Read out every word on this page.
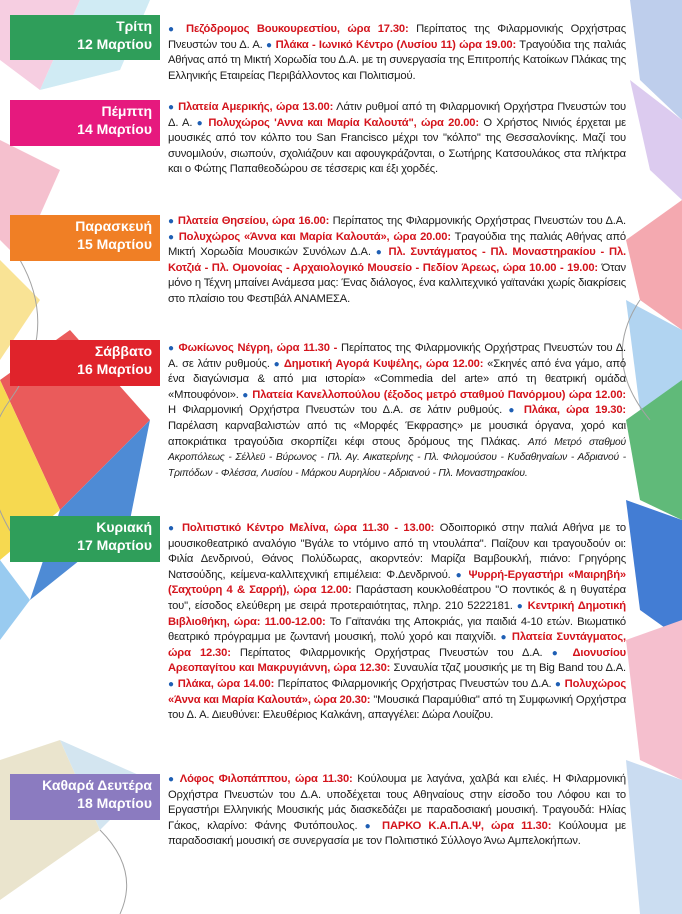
Τρίτη
12 Μαρτίου
● Πεζόδρομος Βουκουρεστίου, ώρα 17.30: Περίπατος της Φιλαρμονικής Ορχήστρας Πνευστών του Δ. Α. ● Πλάκα - Ιωνικό Κέντρο (Λυσίου 11) ώρα 19.00: Τραγούδια της παλιάς Αθήνας από τη Μικτή Χορωδία του Δ.Α. με τη συνεργασία της Επιτροπής Κατοίκων Πλάκας της Ελληνικής Εταιρείας Περιβάλλοντος και Πολιτισμού.
Πέμπτη
14 Μαρτίου
● Πλατεία Αμερικής, ώρα 13.00: Λάτιν ρυθμοί από τη Φιλαρμονική Ορχήστρα Πνευστών του Δ. Α. ● Πολυχώρος 'Αννα και Μαρία Καλουτά", ώρα 20.00: Ο Χρήστος Νινιός έρχεται με μουσικές από τον κόλπο του San Francisco μέχρι τον "κόλπο" της Θεσσαλονίκης. Μαζί του συνομιλούν, σιωπούν, σχολιάζουν και αφουγκράζονται, ο Σωτήρης Κατσουλάκος στα πλήκτρα και ο Φώτης Παπαθεοδώρου σε τέσσερις και έξι χορδές.
Παρασκευή
15 Μαρτίου
● Πλατεία Θησείου, ώρα 16.00: Περίπατος της Φιλαρμονικής Ορχήστρας Πνευστών του Δ.Α. ● Πολυχώρος «Άννα και Μαρία Καλουτά», ώρα 20.00: Τραγούδια της παλιάς Αθήνας από Μικτή Χορωδία Μουσικών Συνόλων Δ.Α. ● Πλ. Συντάγματος - Πλ. Μοναστηρακίου - Πλ. Κοτζιά - Πλ. Ομονοίας - Αρχαιολογικό Μουσείο - Πεδίον Άρεως, ώρα 10.00 - 19.00: Όταν μόνο η Τέχνη μπαίνει Ανάμεσα μας: Ένας διάλογος, ένα καλλιτεχνικό γαϊτανάκι χωρίς διακρίσεις στο πλαίσιο του Φεστιβάλ ΑΝΑΜΕΣΑ.
Σάββατο
16 Μαρτίου
● Φωκίωνος Νέγρη, ώρα 11.30 - Περίπατος της Φιλαρμονικής Ορχήστρας Πνευστών του Δ. Α. σε λάτιν ρυθμούς. ● Δημοτική Αγορά Κυψέλης, ώρα 12.00: «Σκηνές από ένα γάμο, από ένα διαγώνισμα & από μια ιστορία» «Commedia del arte» από τη θεατρική ομάδα «Μπουφόνοι». ● Πλατεία Κανελλοπούλου (έξοδος μετρό σταθμού Πανόρμου) ώρα 12.00: Η Φιλαρμονική Ορχήστρα Πνευστών του Δ.Α. σε λάτιν ρυθμούς. ● Πλάκα, ώρα 19.30: Παρέλαση καρναβαλιστών από τις «Μορφές Έκφρασης» με μουσικά όργανα, χορό και αποκριάτικα τραγούδια σκορπίζει κέφι στους δρόμους της Πλάκας. Από Μετρό σταθμού Ακροπόλεως - Σέλλεϋ - Βύρωνος - Πλ. Αγ. Αικατερίνης - Πλ. Φιλομούσου - Κυδαθηναίων - Αδριανού - Τριπόδων - Φλέσσα, Λυσίου - Μάρκου Αυρηλίου - Αδριανού - Πλ. Μοναστηρακίου.
Κυριακή
17 Μαρτίου
● Πολιτιστικό Κέντρο Μελίνα, ώρα 11.30 - 13.00: Οδοιπορικό στην παλιά Αθήνα με το μουσικοθεατρικό αναλόγιο "Βγάλε το ντόμινο από τη ντουλάπα". Παίζουν και τραγουδούν οι: Φιλία Δενδρινού, Θάνος Πολύδωρας, ακορντεόν: Μαρίζα Βαμβουκλή, πιάνο: Γρηγόρης Νατσούδης, κείμενα-καλλιτεχνική επιμέλεια: Φ.Δενδρινού. ● Ψυρρή-Εργαστήρι «Μαιρηβή» (Σαχτούρη 4 & Σαρρή), ώρα 12.00: Παράσταση κουκλοθέατρου "Ο ποντικός & η θυγατέρα του", είσοδος ελεύθερη με σειρά προτεραιότητας, πληρ. 210 5222181. ● Κεντρική Δημοτική Βιβλιοθήκη, ώρα: 11.00-12.00: Το Γαϊτανάκι της Αποκριάς, για παιδιά 4-10 ετών. Βιωματικό θεατρικό πρόγραμμα με ζωντανή μουσική, πολύ χορό και παιχνίδι. ● Πλατεία Συντάγματος, ώρα 12.30: Περίπατος Φιλαρμονικής Ορχήστρας Πνευστών του Δ.Α. ● Διονυσίου Αρεοπαγίτου και Μακρυγιάννη, ώρα 12.30: Συναυλία τζαζ μουσικής με τη Big Band του Δ.Α. ● Πλάκα, ώρα 14.00: Περίπατος Φιλαρμονικής Ορχήστρας Πνευστών του Δ.Α. ● Πολυχώρος «Άννα και Μαρία Καλουτά», ώρα 20.30: "Μουσικά Παραμύθια" από τη Συμφωνική Ορχήστρα του Δ. Α. Διευθύνει: Ελευθέριος Καλκάνη, απαγγέλει: Δώρα Λουίζου.
Καθαρά Δευτέρα
18 Μαρτίου
● Λόφος Φιλοπάππου, ώρα 11.30: Κούλουμα με λαγάνα, χαλβά και ελιές. Η Φιλαρμονική Ορχήστρα Πνευστών του Δ.Α. υποδέχεται τους Αθηναίους στην είσοδο του Λόφου και το Εργαστήρι Ελληνικής Μουσικής μάς διασκεδάζει με παραδοσιακή μουσική. Τραγουδά: Ηλίας Γάκος, κλαρίνο: Φάνης Φυτόπουλος. ● ΠΑΡΚΟ Κ.Α.Π.Α.Ψ, ώρα 11.30: Κούλουμα με παραδοσιακή μουσική σε συνεργασία με τον Πολιτιστικό Σύλλογο Άνω Αμπελοκήπων.
